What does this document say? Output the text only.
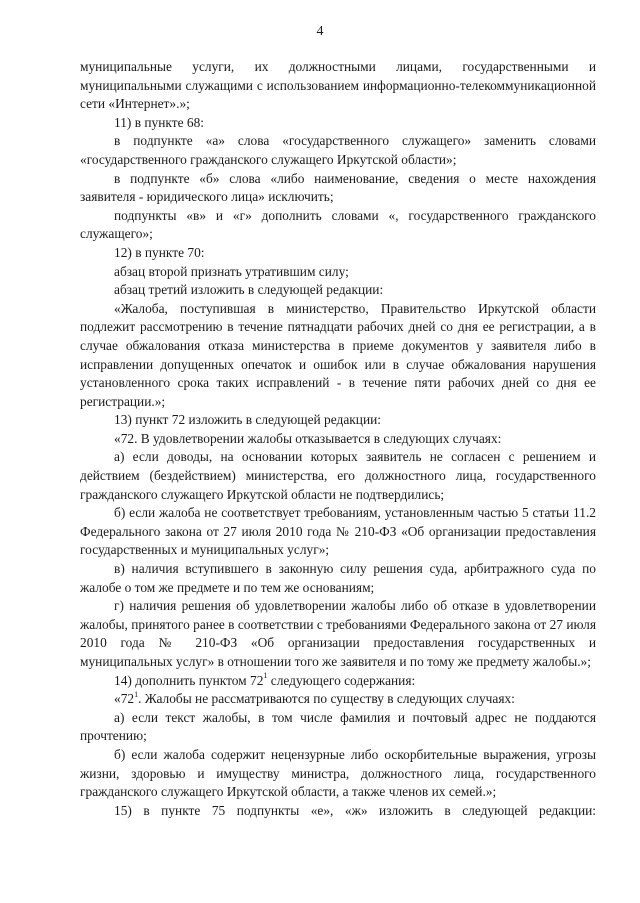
4

муниципальные услуги, их должностными лицами, государственными и муниципальными служащими с использованием информационно-телекоммуникационной сети «Интернет».»;

11) в пункте 68:

в подпункте «а» слова «государственного служащего» заменить словами «государственного гражданского служащего Иркутской области»;

в подпункте «б» слова «либо наименование, сведения о месте нахождения заявителя - юридического лица» исключить;

подпункты «в» и «г» дополнить словами «, государственного гражданского служащего»;

12) в пункте 70:

абзац второй признать утратившим силу;

абзац третий изложить в следующей редакции:

«Жалоба, поступившая в министерство, Правительство Иркутской области подлежит рассмотрению в течение пятнадцати рабочих дней со дня ее регистрации, а в случае обжалования отказа министерства в приеме документов у заявителя либо в исправлении допущенных опечаток и ошибок или в случае обжалования нарушения установленного срока таких исправлений - в течение пяти рабочих дней со дня ее регистрации.»;

13) пункт 72 изложить в следующей редакции:

«72. В удовлетворении жалобы отказывается в следующих случаях:

а) если доводы, на основании которых заявитель не согласен с решением и действием (бездействием) министерства, его должностного лица, государственного гражданского служащего Иркутской области не подтвердились;

б) если жалоба не соответствует требованиям, установленным частью 5 статьи 11.2 Федерального закона от 27 июля 2010 года № 210-ФЗ «Об организации предоставления государственных и муниципальных услуг»;

в) наличия вступившего в законную силу решения суда, арбитражного суда по жалобе о том же предмете и по тем же основаниям;

г) наличия решения об удовлетворении жалобы либо об отказе в удовлетворении жалобы, принятого ранее в соответствии с требованиями Федерального закона от 27 июля 2010 года № 210-ФЗ «Об организации предоставления государственных и муниципальных услуг» в отношении того же заявителя и по тому же предмету жалобы.»;

14) дополнить пунктом $72^1$ следующего содержания:

«$72^1$. Жалобы не рассматриваются по существу в следующих случаях:

а) если текст жалобы, в том числе фамилия и почтовый адрес не поддаются прочтению;

б) если жалоба содержит нецензурные либо оскорбительные выражения, угрозы жизни, здоровью и имуществу министра, должностного лица, государственного гражданского служащего Иркутской области, а также членов их семей.»;

15) в пункте 75 подпункты «е», «ж» изложить в следующей редакции:
